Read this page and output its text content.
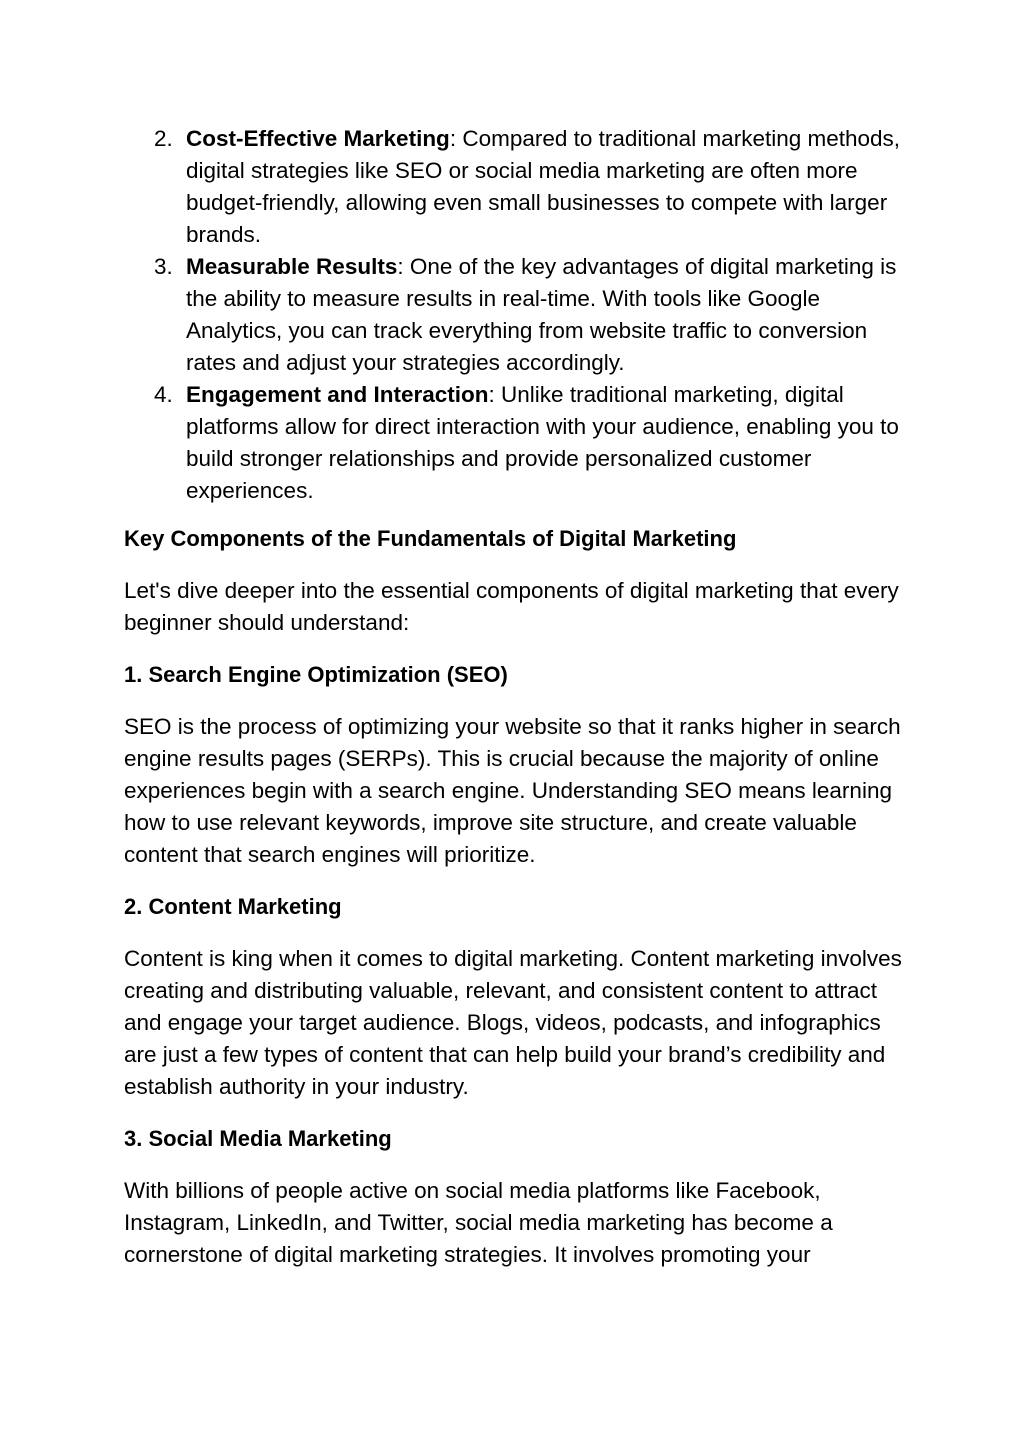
2. Cost-Effective Marketing: Compared to traditional marketing methods, digital strategies like SEO or social media marketing are often more budget-friendly, allowing even small businesses to compete with larger brands.
3. Measurable Results: One of the key advantages of digital marketing is the ability to measure results in real-time. With tools like Google Analytics, you can track everything from website traffic to conversion rates and adjust your strategies accordingly.
4. Engagement and Interaction: Unlike traditional marketing, digital platforms allow for direct interaction with your audience, enabling you to build stronger relationships and provide personalized customer experiences.
Key Components of the Fundamentals of Digital Marketing

Let's dive deeper into the essential components of digital marketing that every beginner should understand:

1. Search Engine Optimization (SEO)

SEO is the process of optimizing your website so that it ranks higher in search engine results pages (SERPs). This is crucial because the majority of online experiences begin with a search engine. Understanding SEO means learning how to use relevant keywords, improve site structure, and create valuable content that search engines will prioritize.

2. Content Marketing

Content is king when it comes to digital marketing. Content marketing involves creating and distributing valuable, relevant, and consistent content to attract and engage your target audience. Blogs, videos, podcasts, and infographics are just a few types of content that can help build your brand’s credibility and establish authority in your industry.

3. Social Media Marketing

With billions of people active on social media platforms like Facebook, Instagram, LinkedIn, and Twitter, social media marketing has become a cornerstone of digital marketing strategies. It involves promoting your
